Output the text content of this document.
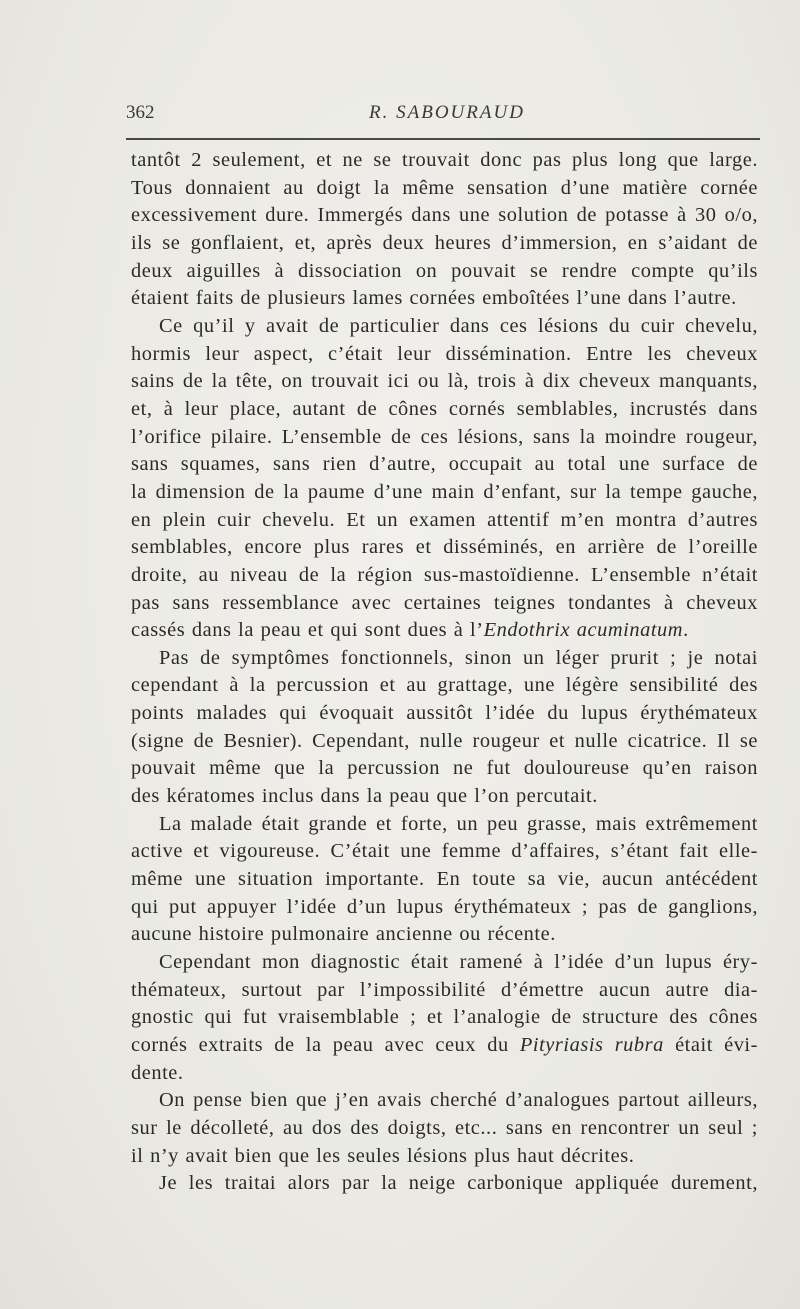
362	R. SABOURAUD
tantôt 2 seulement, et ne se trouvait donc pas plus long que large.
Tous donnaient au doigt la même sensation d’une matière cornée
excessivement dure. Immergés dans une solution de potasse à 30 o/o,
ils se gonflaient, et, après deux heures d’immersion, en s’aidant de
deux aiguilles à dissociation on pouvait se rendre compte qu’ils
étaient faits de plusieurs lames cornées emboîtées l’une dans l’autre.
Ce qu’il y avait de particulier dans ces lésions du cuir chevelu,
hormis leur aspect, c’était leur dissémination. Entre les cheveux
sains de la tête, on trouvait ici ou là, trois à dix cheveux manquants,
et, à leur place, autant de cônes cornés semblables, incrustés dans
l’orifice pilaire. L’ensemble de ces lésions, sans la moindre rougeur,
sans squames, sans rien d’autre, occupait au total une surface de
la dimension de la paume d’une main d’enfant, sur la tempe gauche,
en plein cuir chevelu. Et un examen attentif m’en montra d’autres
semblables, encore plus rares et disséminés, en arrière de l’oreille
droite, au niveau de la région sus-mastoïdienne. L’ensemble n’était
pas sans ressemblance avec certaines teignes tondantes à cheveux
cassés dans la peau et qui sont dues à l’Endothrix acuminatum.
Pas de symptômes fonctionnels, sinon un léger prurit ; je notai
cependant à la percussion et au grattage, une légère sensibilité des
points malades qui évoquait aussitôt l’idée du lupus érythémateux
(signe de Besnier). Cependant, nulle rougeur et nulle cicatrice. Il se
pouvait même que la percussion ne fut douloureuse qu’en raison
des kératomes inclus dans la peau que l’on percutait.
La malade était grande et forte, un peu grasse, mais extrêmement
active et vigoureuse. C’était une femme d’affaires, s’étant fait elle-
même une situation importante. En toute sa vie, aucun antécédent
qui put appuyer l’idée d’un lupus érythémateux ; pas de ganglions,
aucune histoire pulmonaire ancienne ou récente.
Cependant mon diagnostic était ramené à l’idée d’un lupus éry-
thémateux, surtout par l’impossibilité d’émettre aucun autre dia-
gnostic qui fut vraisemblable ; et l’analogie de structure des cônes
cornés extraits de la peau avec ceux du Pityriasis rubra était évi-
dente.
On pense bien que j’en avais cherché d’analogues partout ailleurs,
sur le décolleté, au dos des doigts, etc... sans en rencontrer un seul ;
il n’y avait bien que les seules lésions plus haut décrites.
Je les traitai alors par la neige carbonique appliquée durement,
